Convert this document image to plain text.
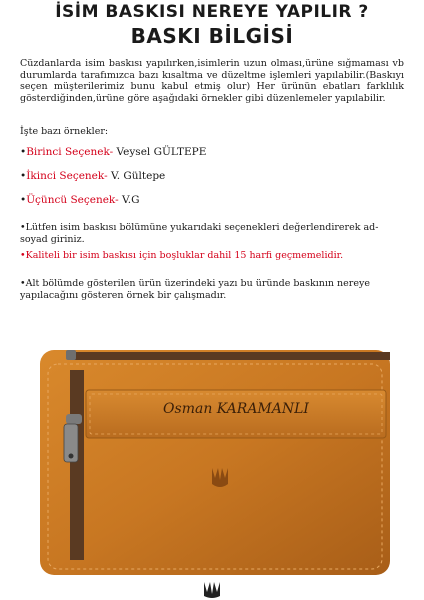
İSİM BASKISI NEREYE YAPILIR ?
BASKI BİLGİSİ

Cüzdanlarda isim baskısı yapılırken,isimlerin uzun olması,ürüne sığmaması vb durumlarda tarafımızca bazı kısaltma ve düzeltme işlemleri yapılabilir.(Baskıyı seçen müşterilerimiz bunu kabul etmiş olur) Her ürünün ebatları farklılık gösterdiğinden,ürüne göre aşağıdaki örnekler gibi düzenlemeler yapılabilir.

İşte bazı örnekler:

•Birinci Seçenek- Veysel GÜLTEPE

•İkinci Seçenek- V. Gültepe

•Üçüncü Seçenek- V.G

•Lütfen isim baskısı bölümüne yukarıdaki seçenekleri değerlendirerek ad-soyad giriniz.

•Kaliteli bir isim baskısı için boşluklar dahil 15 harfi geçmemelidir.

•Alt bölümde gösterilen ürün üzerindeki yazı bu üründe baskının nereye yapılacağını gösteren örnek bir çalışmadır.

Osman KARAMANLI
